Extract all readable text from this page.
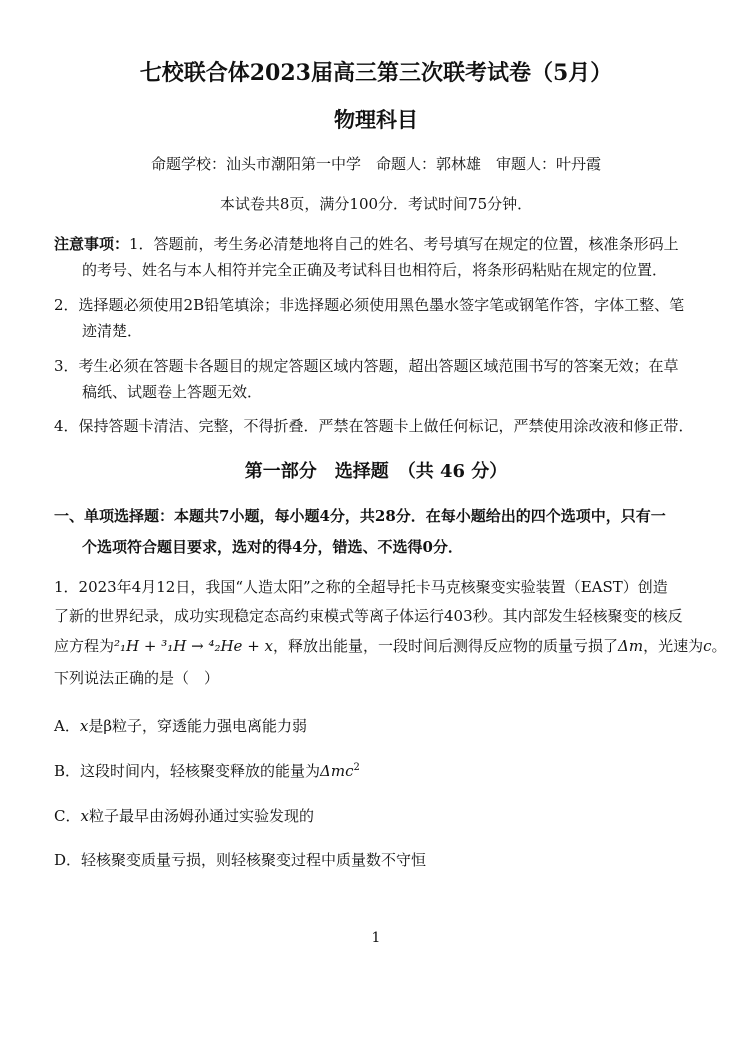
七校联合体2023届高三第三次联考试卷（5月）
物理科目
命题学校：汕头市潮阳第一中学　命题人：郭林雄　审题人：叶丹霞
本试卷共8页，满分100分．考试时间75分钟．
注意事项：1．答题前，考生务必清楚地将自己的姓名、考号填写在规定的位置，核准条形码上
的考号、姓名与本人相符并完全正确及考试科目也相符后，将条形码粘贴在规定的位置．
2．选择题必须使用2B铅笔填涂；非选择题必须使用黑色墨水签字笔或钢笔作答，字体工整、笔
迹清楚．
3．考生必须在答题卡各题目的规定答题区域内答题，超出答题区域范围书写的答案无效；在草
稿纸、试题卷上答题无效．
4．保持答题卡清洁、完整，不得折叠．严禁在答题卡上做任何标记，严禁使用涂改液和修正带．
第一部分　选择题　（共 46 分）
一、单项选择题：本题共7小题，每小题4分，共28分．在每小题给出的四个选项中，只有一
个选项符合题目要求，选对的得4分，错选、不选得0分．
1．2023年4月12日，我国“人造太阳”之称的全超导托卡马克核聚变实验装置（EAST）创造
了新的世界纪录，成功实现稳定态高约束模式等离子体运行403秒。其内部发生轻核聚变的核反
应方程为²₁H + ³₁H → ⁴₂He + x，释放出能量，一段时间后测得反应物的质量亏损了Δm，光速为c。
下列说法正确的是（　）
A．x是β粒子，穿透能力强电离能力弱
B．这段时间内，轻核聚变释放的能量为Δmc$^2$
C．x粒子最早由汤姆孙通过实验发现的
D．轻核聚变质量亏损，则轻核聚变过程中质量数不守恒
1
